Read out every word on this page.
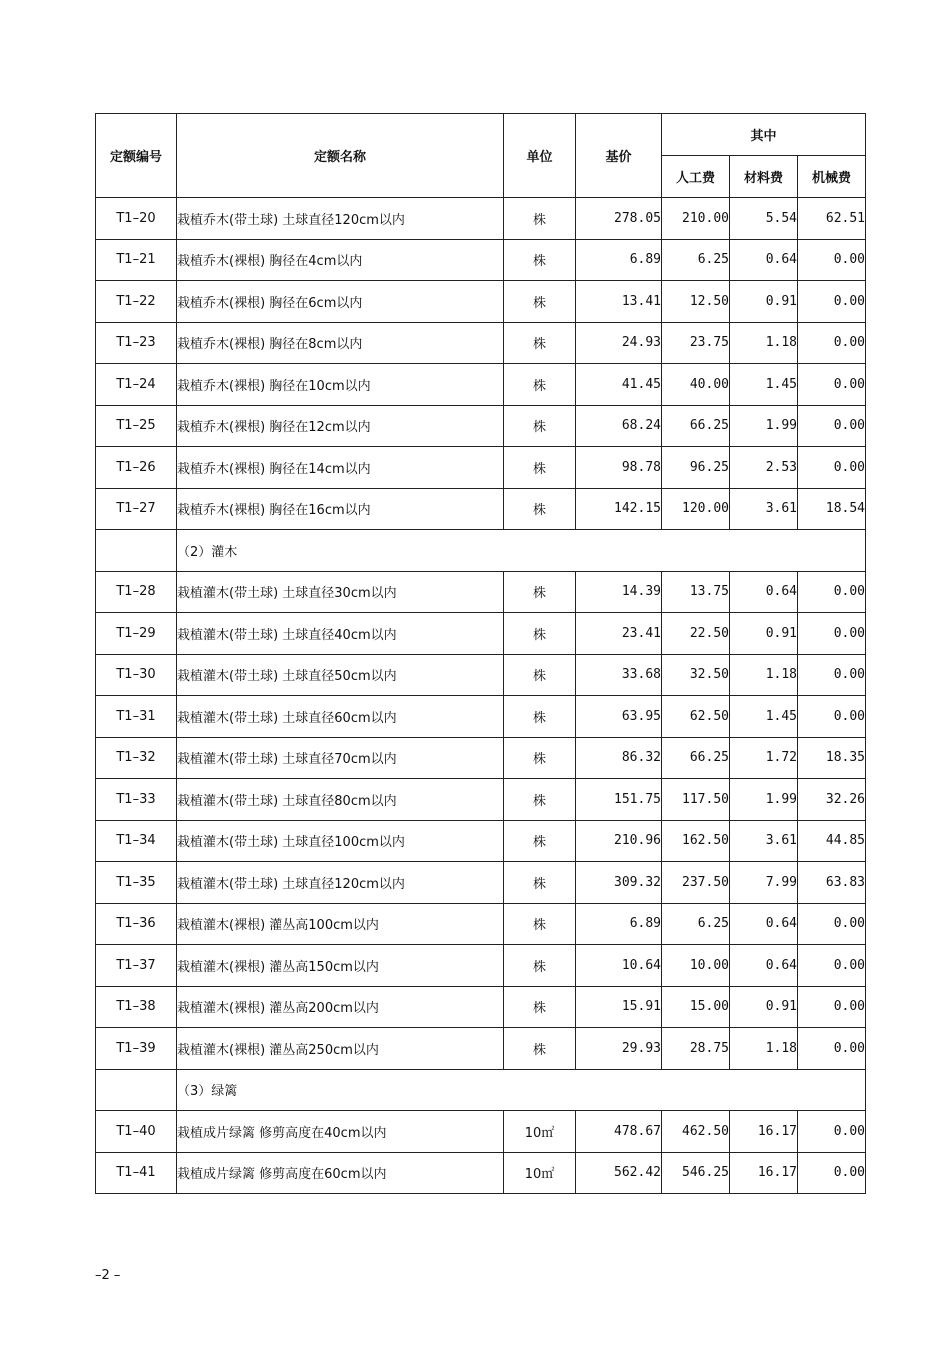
定额编号	定额名称	单位	基价	其中		
				人工费	材料费	机械费
T1–20	栽植乔木(带土球) 土球直径120cm以内	株	278.05	210.00	5.54	62.51
T1–21	栽植乔木(裸根) 胸径在4cm以内	株	6.89	6.25	0.64	0.00
T1–22	栽植乔木(裸根) 胸径在6cm以内	株	13.41	12.50	0.91	0.00
T1–23	栽植乔木(裸根) 胸径在8cm以内	株	24.93	23.75	1.18	0.00
T1–24	栽植乔木(裸根) 胸径在10cm以内	株	41.45	40.00	1.45	0.00
T1–25	栽植乔木(裸根) 胸径在12cm以内	株	68.24	66.25	1.99	0.00
T1–26	栽植乔木(裸根) 胸径在14cm以内	株	98.78	96.25	2.53	0.00
T1–27	栽植乔木(裸根) 胸径在16cm以内	株	142.15	120.00	3.61	18.54
	（2）灌木					
T1–28	栽植灌木(带土球) 土球直径30cm以内	株	14.39	13.75	0.64	0.00
T1–29	栽植灌木(带土球) 土球直径40cm以内	株	23.41	22.50	0.91	0.00
T1–30	栽植灌木(带土球) 土球直径50cm以内	株	33.68	32.50	1.18	0.00
T1–31	栽植灌木(带土球) 土球直径60cm以内	株	63.95	62.50	1.45	0.00
T1–32	栽植灌木(带土球) 土球直径70cm以内	株	86.32	66.25	1.72	18.35
T1–33	栽植灌木(带土球) 土球直径80cm以内	株	151.75	117.50	1.99	32.26
T1–34	栽植灌木(带土球) 土球直径100cm以内	株	210.96	162.50	3.61	44.85
T1–35	栽植灌木(带土球) 土球直径120cm以内	株	309.32	237.50	7.99	63.83
T1–36	栽植灌木(裸根) 灌丛高100cm以内	株	6.89	6.25	0.64	0.00
T1–37	栽植灌木(裸根) 灌丛高150cm以内	株	10.64	10.00	0.64	0.00
T1–38	栽植灌木(裸根) 灌丛高200cm以内	株	15.91	15.00	0.91	0.00
T1–39	栽植灌木(裸根) 灌丛高250cm以内	株	29.93	28.75	1.18	0.00
	（3）绿篱					
T1–40	栽植成片绿篱 修剪高度在40cm以内	10㎡	478.67	462.50	16.17	0.00
T1–41	栽植成片绿篱 修剪高度在60cm以内	10㎡	562.42	546.25	16.17	0.00
–2 –
